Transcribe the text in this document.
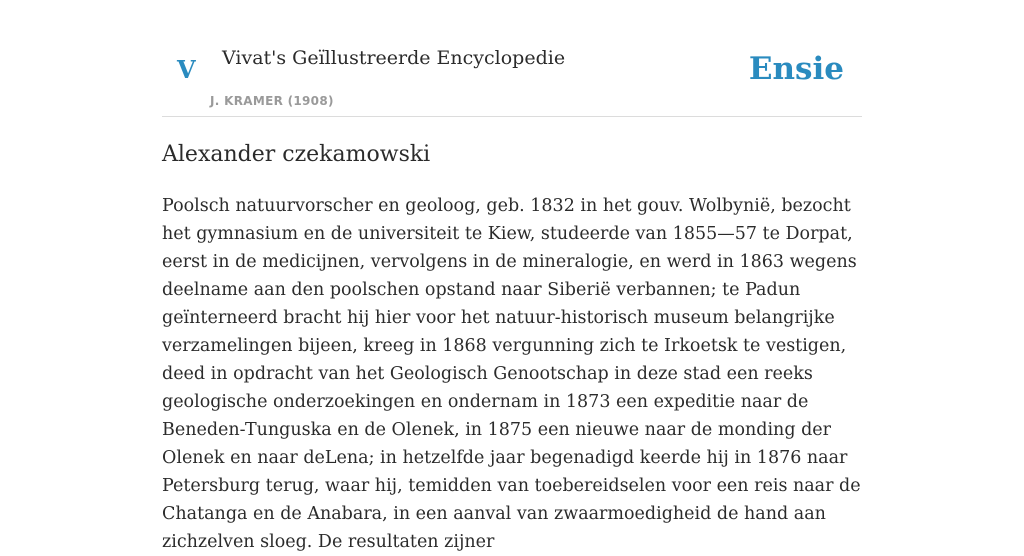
V Vivat's Geïllustreerde Encyclopedie
J. KRAMER (1908)
Ensie
Alexander czekamowski

Poolsch natuurvorscher en geoloog, geb. 1832 in het gouv. Wolbynië, bezocht het gymnasium en de universiteit te Kiew, studeerde van 1855—57 te Dorpat, eerst in de medicijnen, vervolgens in de mineralogie, en werd in 1863 wegens deelname aan den poolschen opstand naar Siberië verbannen; te Padun geïnterneerd bracht hij hier voor het natuur-historisch museum belangrijke verzamelingen bijeen, kreeg in 1868 vergunning zich te Irkoetsk te vestigen, deed in opdracht van het Geologisch Genootschap in deze stad een reeks geologische onderzoekingen en ondernam in 1873 een expeditie naar de Beneden-Tunguska en de Olenek, in 1875 een nieuwe naar de monding der Olenek en naar deLena; in hetzelfde jaar begenadigd keerde hij in 1876 naar Petersburg terug, waar hij, temidden van toebereidselen voor een reis naar de Chatanga en de Anabara, in een aanval van zwaarmoedigheid de hand aan zichzelven sloeg. De resultaten zijner
